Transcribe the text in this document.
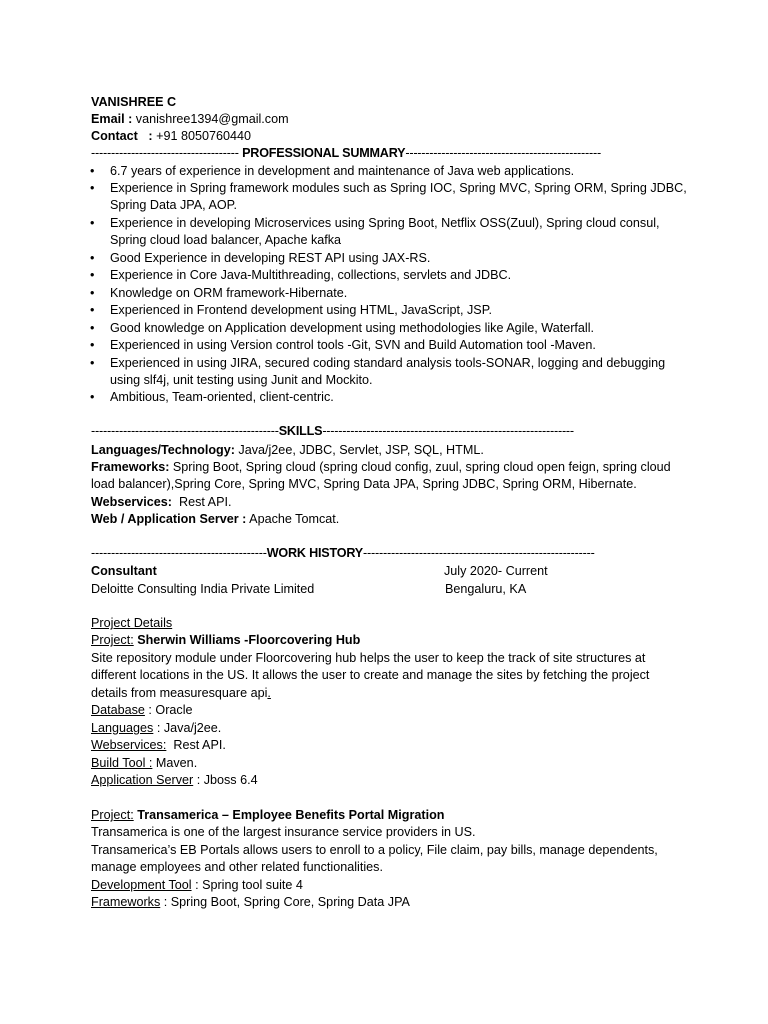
VANISHREE C
Email : vanishree1394@gmail.com
Contact : +91 8050760440
------------------------------------- PROFESSIONAL SUMMARY-------------------------------------------------
• 6.7 years of experience in development and maintenance of Java web applications.
• Experience in Spring framework modules such as Spring IOC, Spring MVC, Spring ORM, Spring JDBC, Spring Data JPA, AOP.
• Experience in developing Microservices using Spring Boot, Netflix OSS(Zuul), Spring cloud consul, Spring cloud load balancer, Apache kafka
• Good Experience in developing REST API using JAX-RS.
• Experience in Core Java-Multithreading, collections, servlets and JDBC.
• Knowledge on ORM framework-Hibernate.
• Experienced in Frontend development using HTML, JavaScript, JSP.
• Good knowledge on Application development using methodologies like Agile, Waterfall.
• Experienced in using Version control tools -Git, SVN and Build Automation tool -Maven.
• Experienced in using JIRA, secured coding standard analysis tools-SONAR, logging and debugging using slf4j, unit testing using Junit and Mockito.
• Ambitious, Team-oriented, client-centric.
-----------------------------------------------SKILLS---------------------------------------------------------------
Languages/Technology: Java/j2ee, JDBC, Servlet, JSP, SQL, HTML.
Frameworks: Spring Boot, Spring cloud (spring cloud config, zuul, spring cloud open feign, spring cloud
load balancer),Spring Core, Spring MVC, Spring Data JPA, Spring JDBC, Spring ORM, Hibernate.
Webservices: Rest API.
Web / Application Server : Apache Tomcat.
--------------------------------------------WORK HISTORY----------------------------------------------------------
Consultant	July 2020- Current
Deloitte Consulting India Private Limited	Bengaluru, KA
Project Details
Project: Sherwin Williams -Floorcovering Hub
Site repository module under Floorcovering hub helps the user to keep the track of site structures at
different locations in the US. It allows the user to create and manage the sites by fetching the project
details from measuresquare api.
Database : Oracle
Languages : Java/j2ee.
Webservices: Rest API.
Build Tool : Maven.
Application Server : Jboss 6.4
Project: Transamerica – Employee Benefits Portal Migration
Transamerica is one of the largest insurance service providers in US.
Transamerica’s EB Portals allows users to enroll to a policy, File claim, pay bills, manage dependents,
manage employees and other related functionalities.
Development Tool : Spring tool suite 4
Frameworks : Spring Boot, Spring Core, Spring Data JPA
